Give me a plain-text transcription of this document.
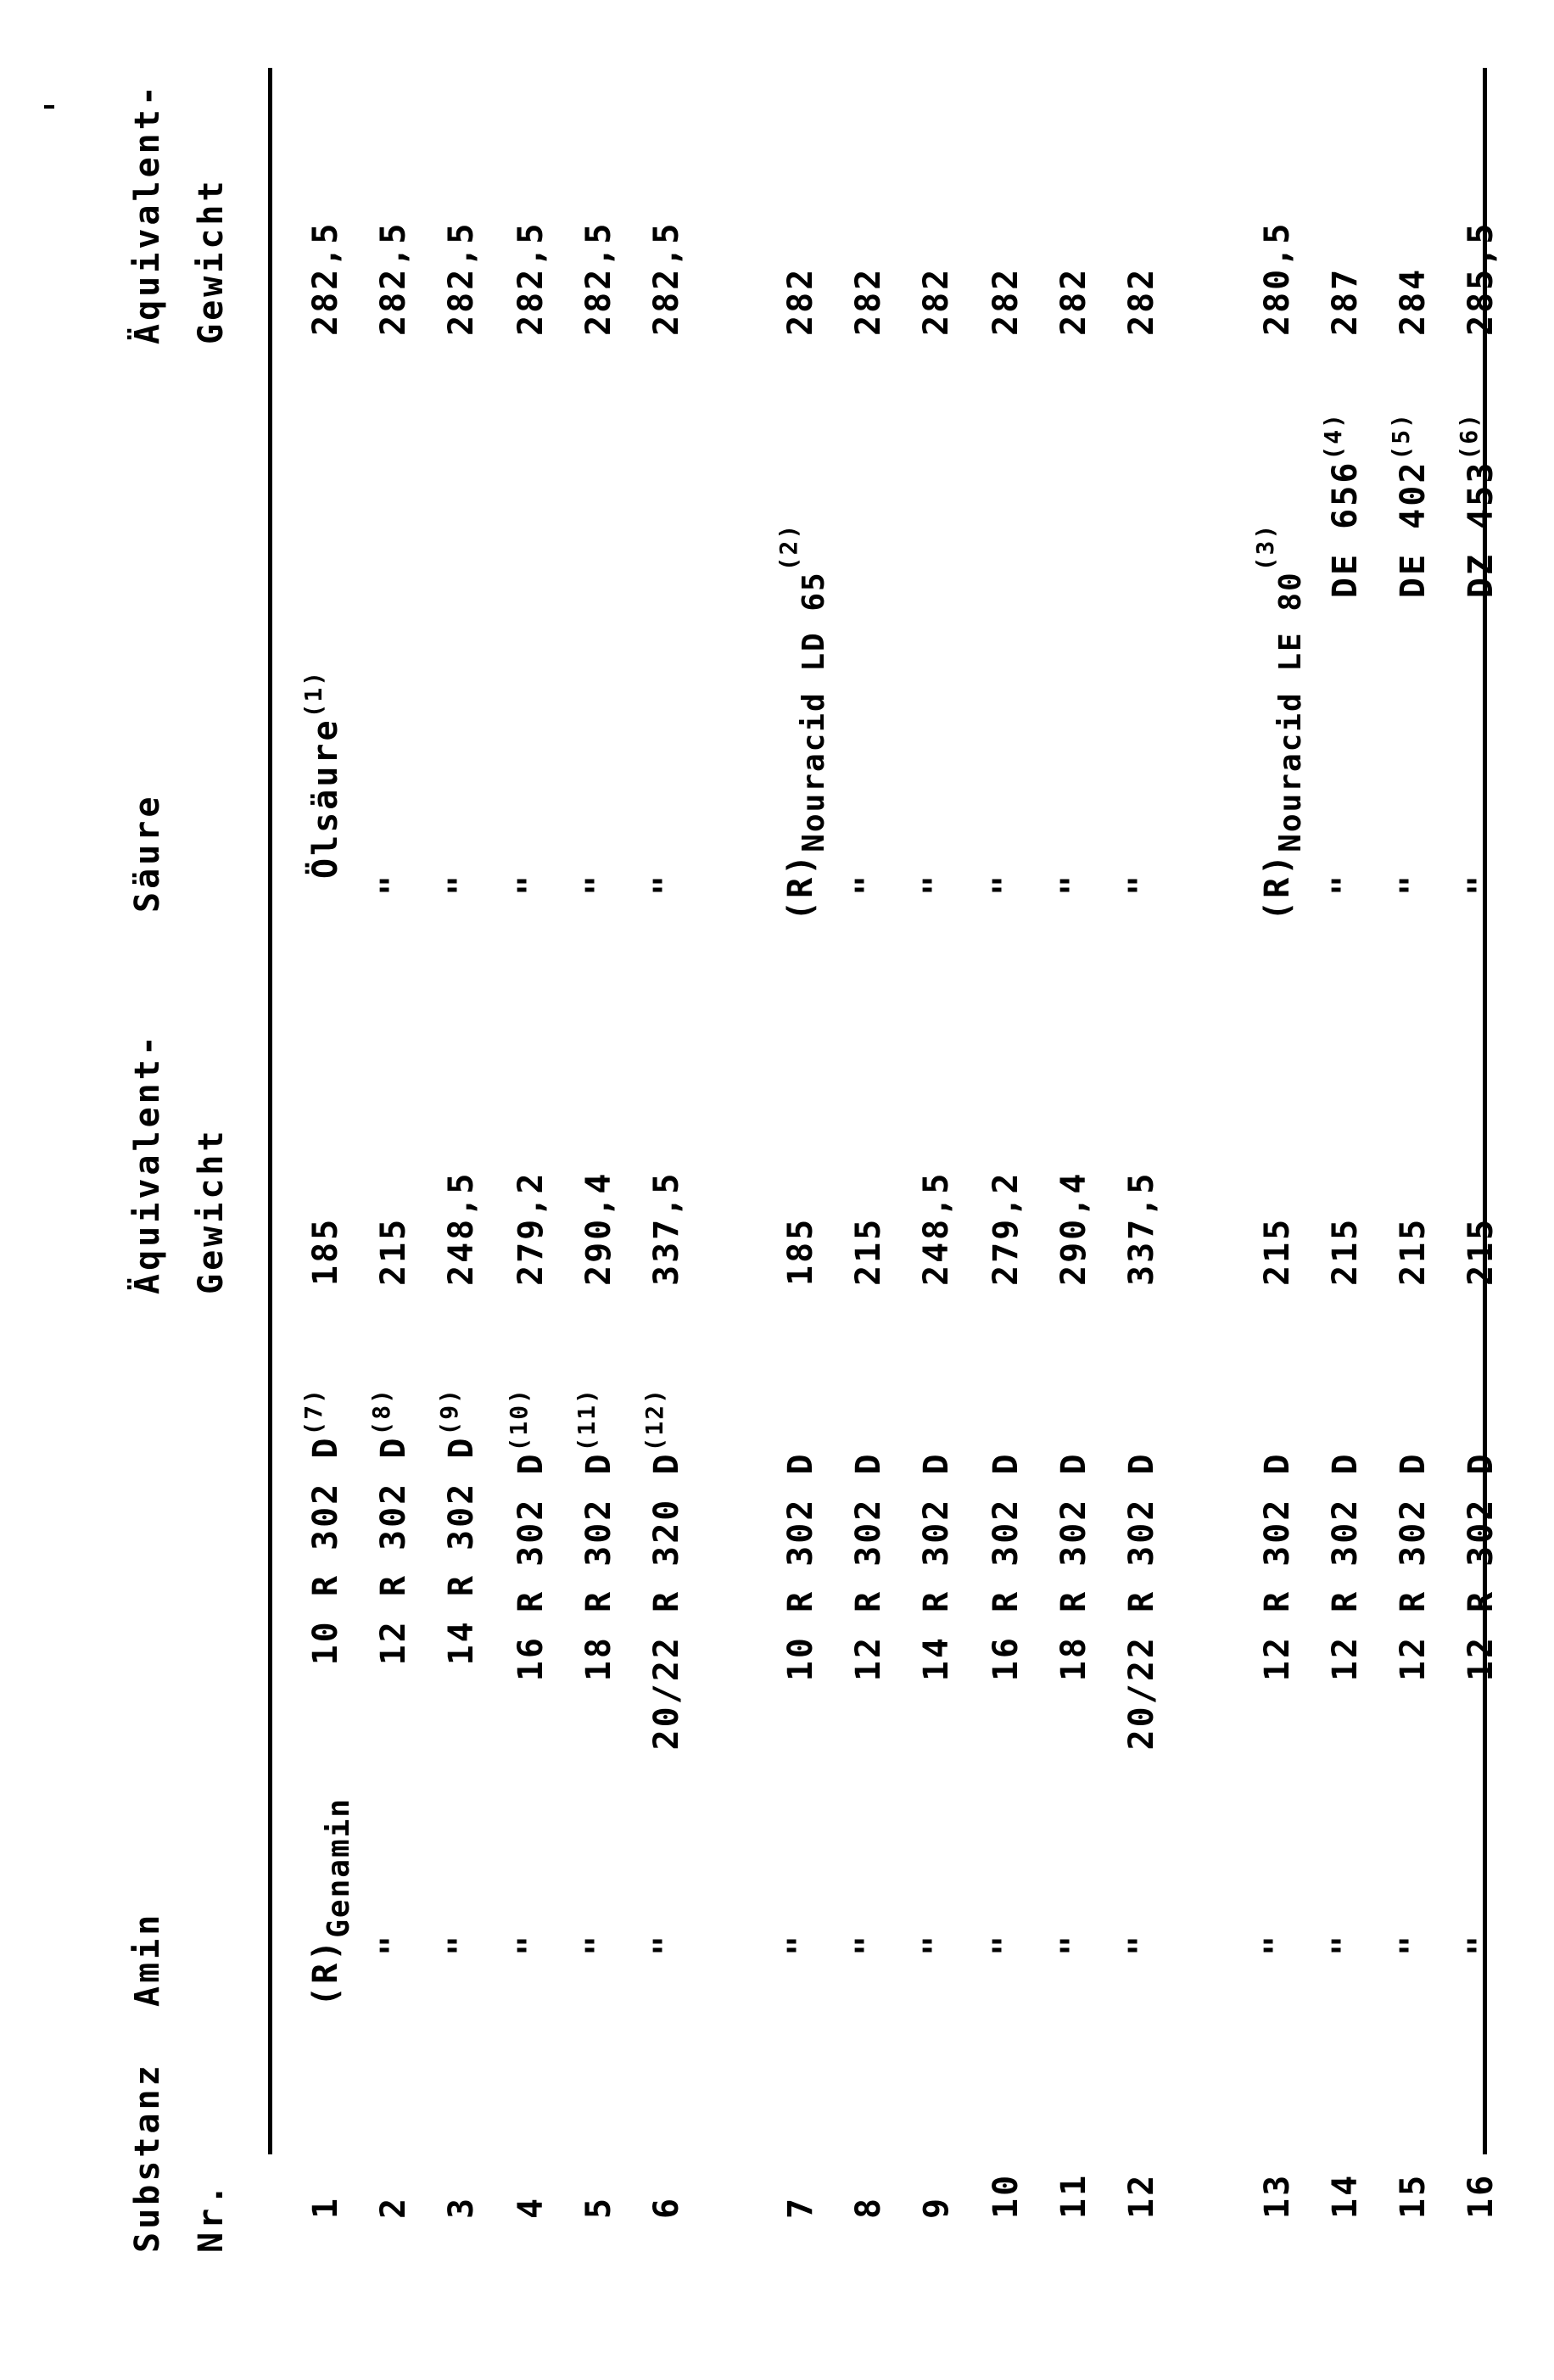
Substanz Nr.
Amin
Äquivalent- Gewicht
Säure
Äquivalent- Gewicht
1
(R)Genamin
10 R 302 $D^{(7)}$
185
Ölsäure$^{(1)}$
282,5
2
"
12 R 302 $D^{(8)}$
215
"
282,5
3
"
14 R 302 $D^{(9)}$
248,5
"
282,5
4
"
16 R 302 $D^{(10)}$
279,2
"
282,5
5
"
18 R 302 $D^{(11)}$
290,4
"
282,5
6
"
20/22 R 320 $D^{(12)}$
337,5
"
282,5
7
"
10 R 302 D
185
(R)Nouracid LD 65$^{(2)}$
282
8
"
12 R 302 D
215
"
282
9
"
14 R 302 D
248,5
"
282
10
"
16 R 302 D
279,2
"
282
11
"
18 R 302 D
290,4
"
282
12
"
20/22 R 302 D
337,5
"
282
13
"
12 R 302 D
215
(R)Nouracid LE 80$^{(3)}$
280,5
14
"
12 R 302 D
215
"
DE 656$^{(4)}$
287
15
"
12 R 302 D
215
"
DE 402$^{(5)}$
284
16
"
12 R 302 D
215
"
DZ 453$^{(6)}$
285,5
